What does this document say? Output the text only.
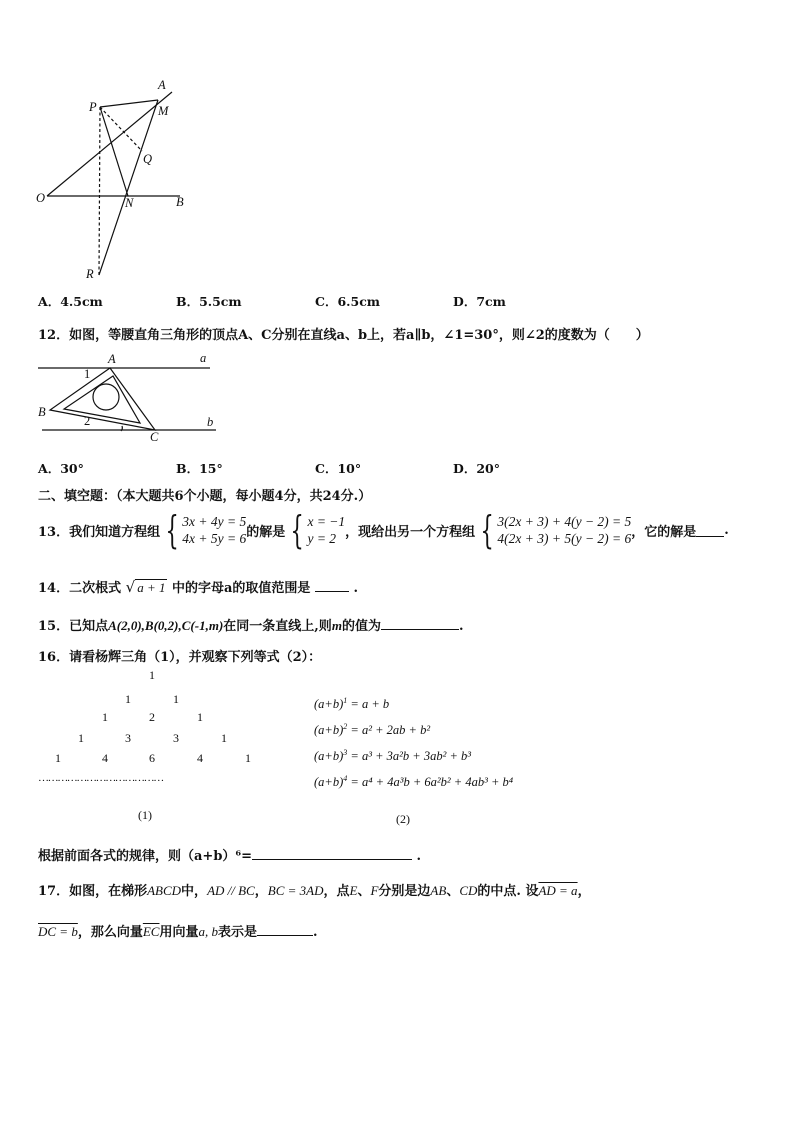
A
M
P
Q
O	N	B
R
A．4.5cm	B．5.5cm	C．6.5cm	D．7cm
12．如图，等腰直角三角形的顶点A、C分别在直线a、b上，若a∥b，∠1=30°，则∠2的度数为（　　）
A	a
1
B
2
C
b
A．30°	B．15°	C．10°	D．20°
二、填空题：（本大题共6个小题，每小题4分，共24分.）
13．我们知道方程组 { 3x + 4y = 5
4x + 5y = 6 的解是 { x = −1
y = 2 ，现给出另一个方程组 { 3(2x + 3) + 4(y − 2) = 5
4(2x + 3) + 5(y − 2) = 6 ，它的解是 .
14．二次根式 √ a + 1 中的字母a的取值范围是	.
15．已知点A(2,0),B(0,2),C(-1,m)在同一条直线上,则m的值为	.
16．请看杨辉三角（1），并观察下列等式（2）：
1
1	1
1	2	1
1	3	3	1
1	4	6	4	1
…………………………………
(1)
$(a+b)^1 = a + b$
$(a+b)^2 = a^2 + 2ab + b^2$
$(a+b)^3 = a^3 + 3a^2b + 3ab^2 + b^3$
$(a+b)^4 = a^4 + 4a^3b + 6a^2b^2 + 4ab^3 + b^4$
(2)
根据前面各式的规律，则（a+b）⁶=	.
17．如图，在梯形ABCD中，AD // BC，BC = 3AD，点E、F分别是边AB、CD的中点. 设AD = a，
DC = b，那么向量$\overline{EC}$用向量a, b表示是	.
